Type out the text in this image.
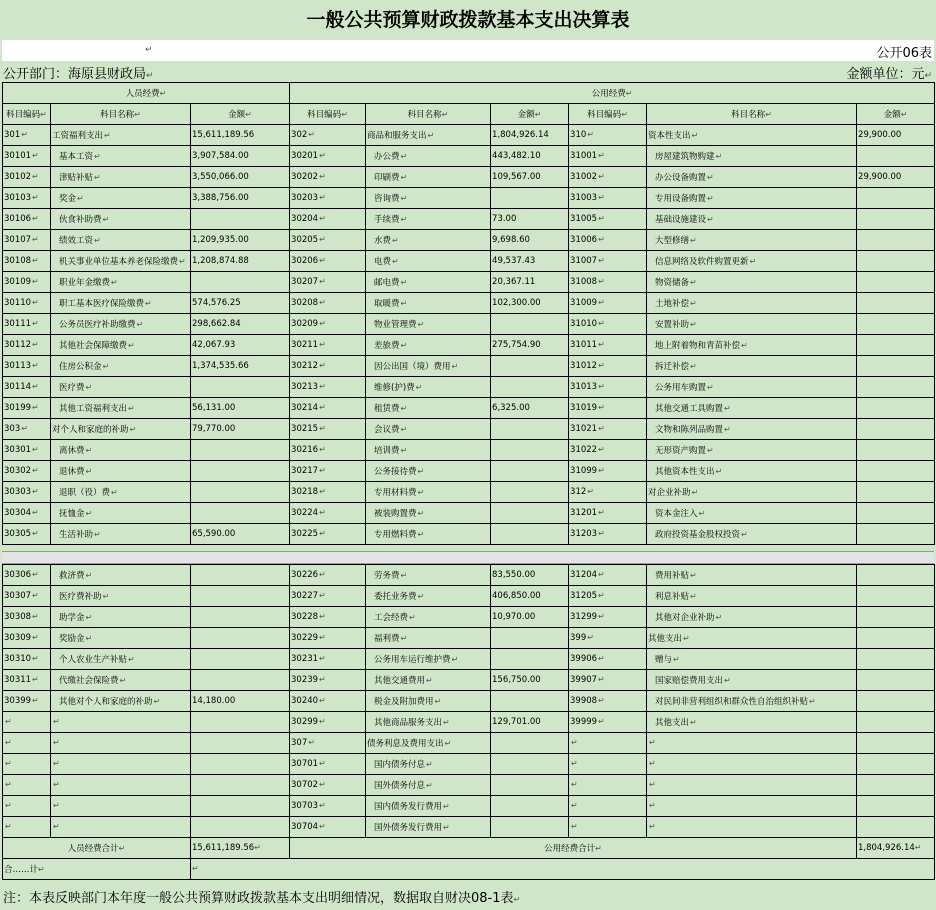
一般公共预算财政拨款基本支出决算表
↵	公开06表
公开部门：海原县财政局↵	金额单位：元↵
人员经费↵			公用经费↵					
科目编码↵	科目名称↵	金额↵	科目编码↵	科目名称↵	金额↵	科目编码↵	科目名称↵	金额↵
301 ↵	工资福利支出 ↵	15,611,189.56	302 ↵	商品和服务支出 ↵	1,804,926.14	310 ↵	资本性支出 ↵	29,900.00
30101 ↵	基本工资 ↵	3,907,584.00	30201 ↵	办公费 ↵	443,482.10	31001 ↵	房屋建筑物购建 ↵	
30102 ↵	津贴补贴 ↵	3,550,066.00	30202 ↵	印刷费 ↵	109,567.00	31002 ↵	办公设备购置 ↵	29,900.00
30103 ↵	奖金 ↵	3,388,756.00	30203 ↵	咨询费 ↵		31003 ↵	专用设备购置 ↵	
30106 ↵	伙食补助费 ↵		30204 ↵	手续费 ↵	73.00	31005 ↵	基础设施建设 ↵	
30107 ↵	绩效工资 ↵	1,209,935.00	30205 ↵	水费 ↵	9,698.60	31006 ↵	大型修缮 ↵	
30108 ↵	机关事业单位基本养老保险缴费 ↵	1,208,874.88	30206 ↵	电费 ↵	49,537.43	31007 ↵	信息网络及软件购置更新 ↵	
30109 ↵	职业年金缴费 ↵		30207 ↵	邮电费 ↵	20,367.11	31008 ↵	物资储备 ↵	
30110 ↵	职工基本医疗保险缴费 ↵	574,576.25	30208 ↵	取暖费 ↵	102,300.00	31009 ↵	土地补偿 ↵	
30111 ↵	公务员医疗补助缴费 ↵	298,662.84	30209 ↵	物业管理费 ↵		31010 ↵	安置补助 ↵	
30112 ↵	其他社会保障缴费 ↵	42,067.93	30211 ↵	差旅费 ↵	275,754.90	31011 ↵	地上附着物和青苗补偿 ↵	
30113 ↵	住房公积金 ↵	1,374,535.66	30212 ↵	因公出国（境）费用 ↵		31012 ↵	拆迁补偿 ↵	
30114 ↵	医疗费 ↵		30213 ↵	维修(护)费 ↵		31013 ↵	公务用车购置 ↵	
30199 ↵	其他工资福利支出 ↵	56,131.00	30214 ↵	租赁费 ↵	6,325.00	31019 ↵	其他交通工具购置 ↵	
303 ↵	对个人和家庭的补助 ↵	79,770.00	30215 ↵	会议费 ↵		31021 ↵	文物和陈列品购置 ↵	
30301 ↵	离休费 ↵		30216 ↵	培训费 ↵		31022 ↵	无形资产购置 ↵	
30302 ↵	退休费 ↵		30217 ↵	公务接待费 ↵		31099 ↵	其他资本性支出 ↵	
30303 ↵	退职（役）费 ↵		30218 ↵	专用材料费 ↵		312 ↵	对企业补助 ↵	
30304 ↵	抚恤金 ↵		30224 ↵	被装购置费 ↵		31201 ↵	资本金注入 ↵	
30305 ↵	生活补助 ↵	65,590.00	30225 ↵	专用燃料费 ↵		31203 ↵	政府投资基金股权投资 ↵	
30306 ↵	救济费 ↵		30226 ↵	劳务费 ↵	83,550.00	31204 ↵	费用补贴 ↵	
30307 ↵	医疗费补助 ↵		30227 ↵	委托业务费 ↵	406,850.00	31205 ↵	利息补贴 ↵	
30308 ↵	助学金 ↵		30228 ↵	工会经费 ↵	10,970.00	31299 ↵	其他对企业补助 ↵	
30309 ↵	奖励金 ↵		30229 ↵	福利费 ↵		399 ↵	其他支出 ↵	
30310 ↵	个人农业生产补贴 ↵		30231 ↵	公务用车运行维护费 ↵		39906 ↵	赠与 ↵	
30311 ↵	代缴社会保险费 ↵		30239 ↵	其他交通费用 ↵	156,750.00	39907 ↵	国家赔偿费用支出 ↵	
30399 ↵	其他对个人和家庭的补助 ↵	14,180.00	30240 ↵	税金及附加费用 ↵		39908 ↵	对民间非营利组织和群众性自治组织补贴 ↵	
↵	↵		30299 ↵	其他商品服务支出 ↵	129,701.00	39999 ↵	其他支出 ↵	
↵	↵		307 ↵	债务利息及费用支出 ↵		↵	↵	
↵	↵		30701 ↵	国内债务付息 ↵		↵	↵	
↵	↵		30702 ↵	国外债务付息 ↵		↵	↵	
↵	↵		30703 ↵	国内债务发行费用 ↵		↵	↵	
↵	↵		30704 ↵	国外债务发行费用 ↵		↵	↵	
人员经费合计↵		15,611,189.56↵	公用经费合计↵					1,804,926.14↵
合……计↵		↵						
注：本表反映部门本年度一般公共预算财政拨款基本支出明细情况，数据取自财决08-1表↵
